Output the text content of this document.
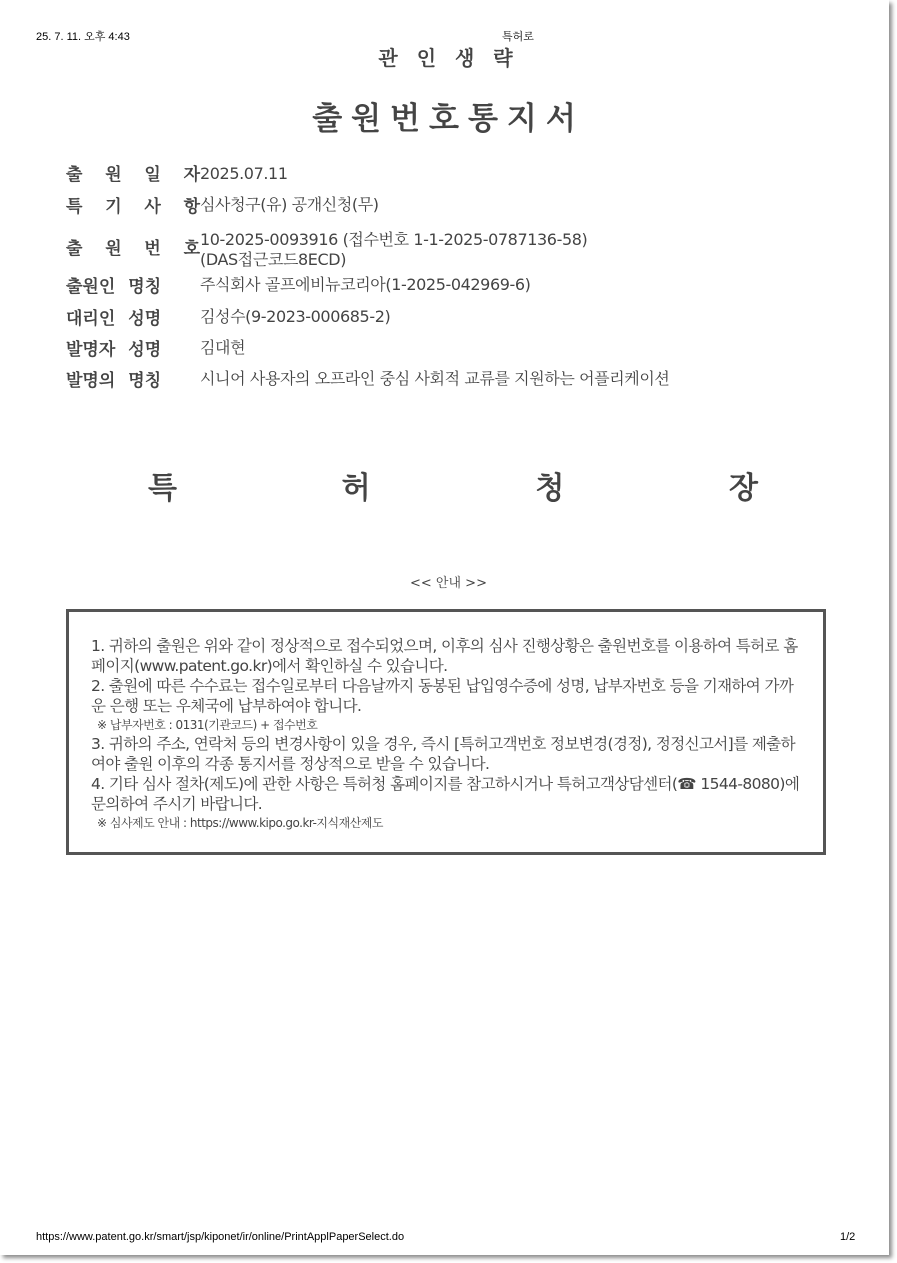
25. 7. 11. 오후 4:43	특허로
관 인 생 략
출원번호통지서
출 원 일 자 2025.07.11
특 기 사 항 심사청구(유) 공개신청(무)
출 원 번 호 10-2025-0093916 (접수번호 1-1-2025-0787136-58)
(DAS접근코드8ECD)
출원인 명칭 주식회사 골프에비뉴코리아(1-2025-042969-6)
대리인 성명 김성수(9-2023-000685-2)
발명자 성명 김대현
발명의 명칭 시니어 사용자의 오프라인 중심 사회적 교류를 지원하는 어플리케이션
특	허	청	장
<< 안내 >>
1. 귀하의 출원은 위와 같이 정상적으로 접수되었으며, 이후의 심사 진행상황은 출원번호를 이용하여 특허로 홈페이지(www.patent.go.kr)에서 확인하실 수 있습니다.
2. 출원에 따른 수수료는 접수일로부터 다음날까지 동봉된 납입영수증에 성명, 납부자번호 등을 기재하여 가까운 은행 또는 우체국에 납부하여야 합니다.
※ 납부자번호 : 0131(기관코드) + 접수번호
3. 귀하의 주소, 연락처 등의 변경사항이 있을 경우, 즉시 [특허고객번호 정보변경(경정), 정정신고서]를 제출하여야 출원 이후의 각종 통지서를 정상적으로 받을 수 있습니다.
4. 기타 심사 절차(제도)에 관한 사항은 특허청 홈페이지를 참고하시거나 특허고객상담센터(☎ 1544-8080)에 문의하여 주시기 바랍니다.
※ 심사제도 안내 : https://www.kipo.go.kr-지식재산제도
https://www.patent.go.kr/smart/jsp/kiponet/ir/online/PrintApplPaperSelect.do	1/2
